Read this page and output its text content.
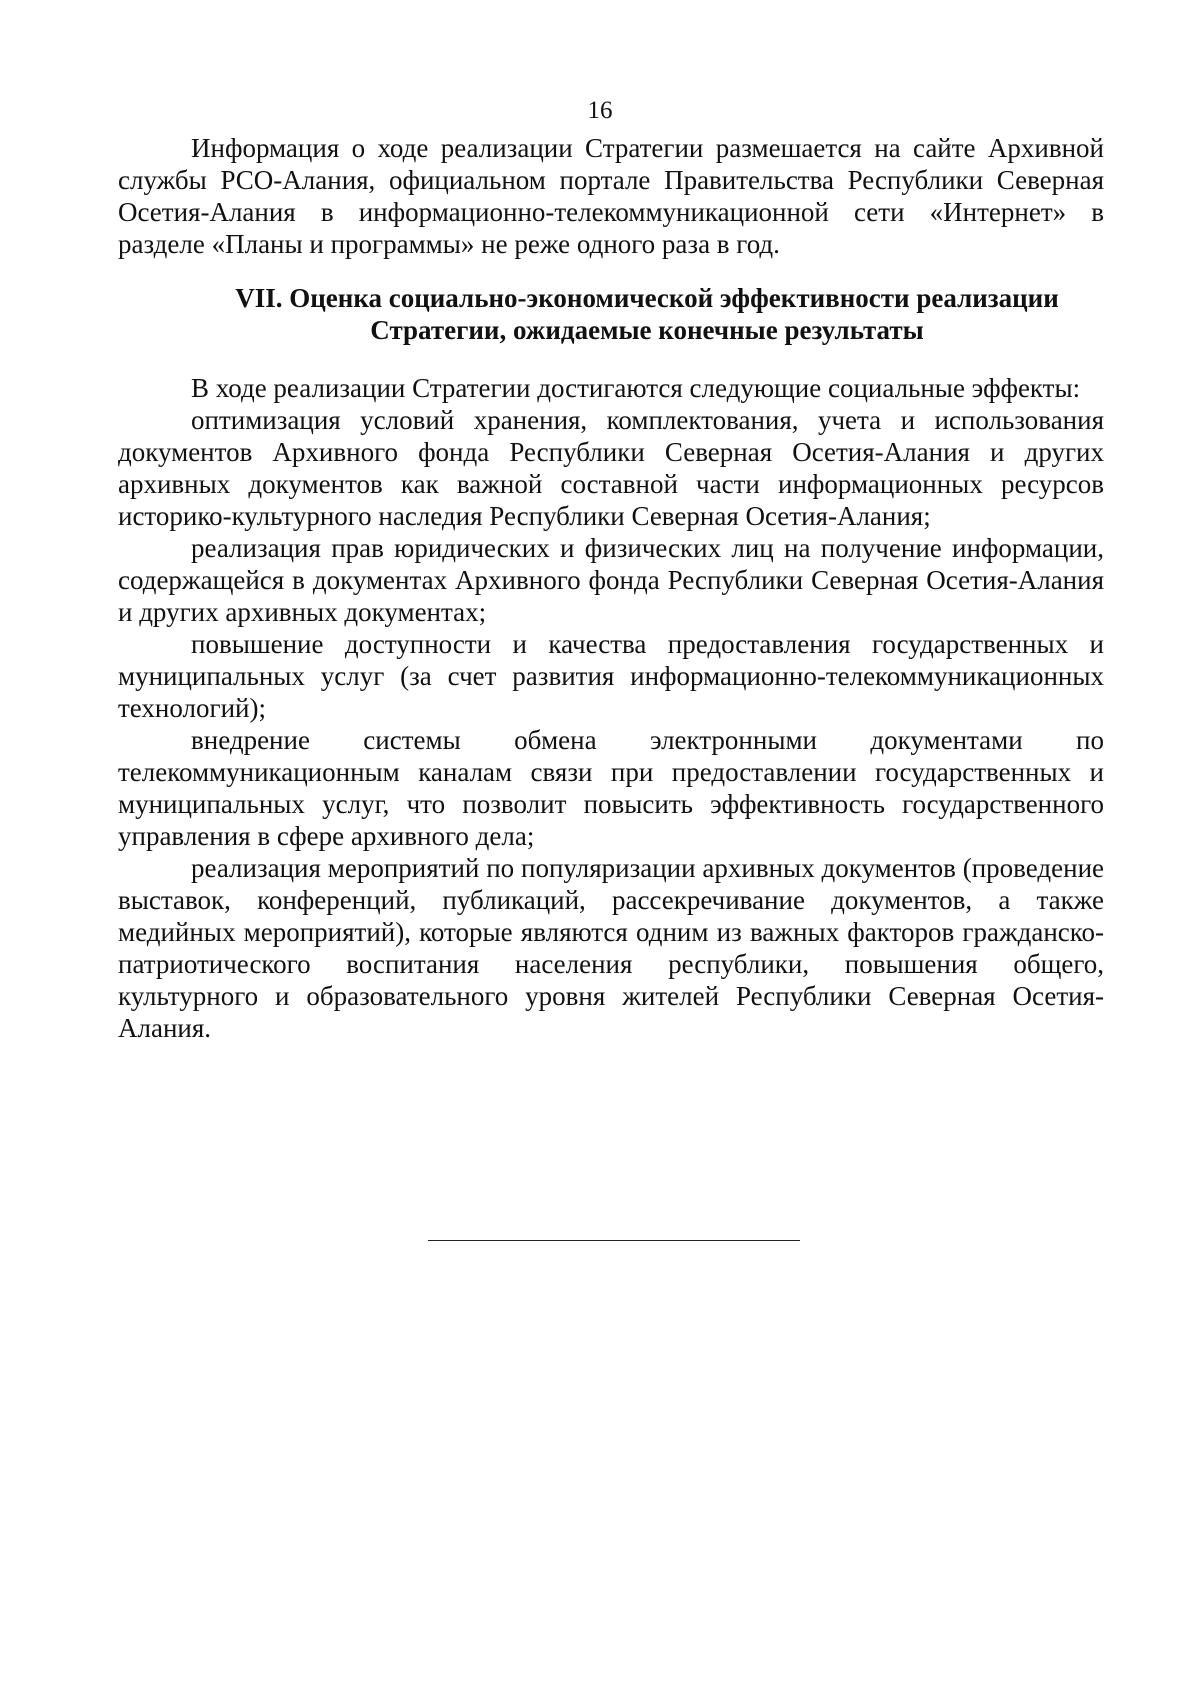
16

Информация о ходе реализации Стратегии размешается на сайте Архивной службы РСО-Алания, официальном портале Правительства Республики Северная Осетия-Алания в информационно-телекоммуникационной сети «Интернет» в разделе «Планы и программы» не реже одного раза в год.

VII. Оценка социально-экономической эффективности реализации
Стратегии, ожидаемые конечные результаты

В ходе реализации Стратегии достигаются следующие социальные эффекты:

оптимизация условий хранения, комплектования, учета и использования документов Архивного фонда Республики Северная Осетия-Алания и других архивных документов как важной составной части информационных ресурсов историко-культурного наследия Республики Северная Осетия-Алания;

реализация прав юридических и физических лиц на получение информации, содержащейся в документах Архивного фонда Республики Северная Осетия-Алания и других архивных документах;

повышение доступности и качества предоставления государственных и муниципальных услуг (за счет развития информационно-телекоммуникационных технологий);

внедрение системы обмена электронными документами по телекоммуникационным каналам связи при предоставлении государственных и муниципальных услуг, что позволит повысить эффективность государственного управления в сфере архивного дела;

реализация мероприятий по популяризации архивных документов (проведение выставок, конференций, публикаций, рассекречивание документов, а также медийных мероприятий), которые являются одним из важных факторов гражданско-патриотического воспитания населения республики, повышения общего, культурного и образовательного уровня жителей Республики Северная Осетия-Алания.
